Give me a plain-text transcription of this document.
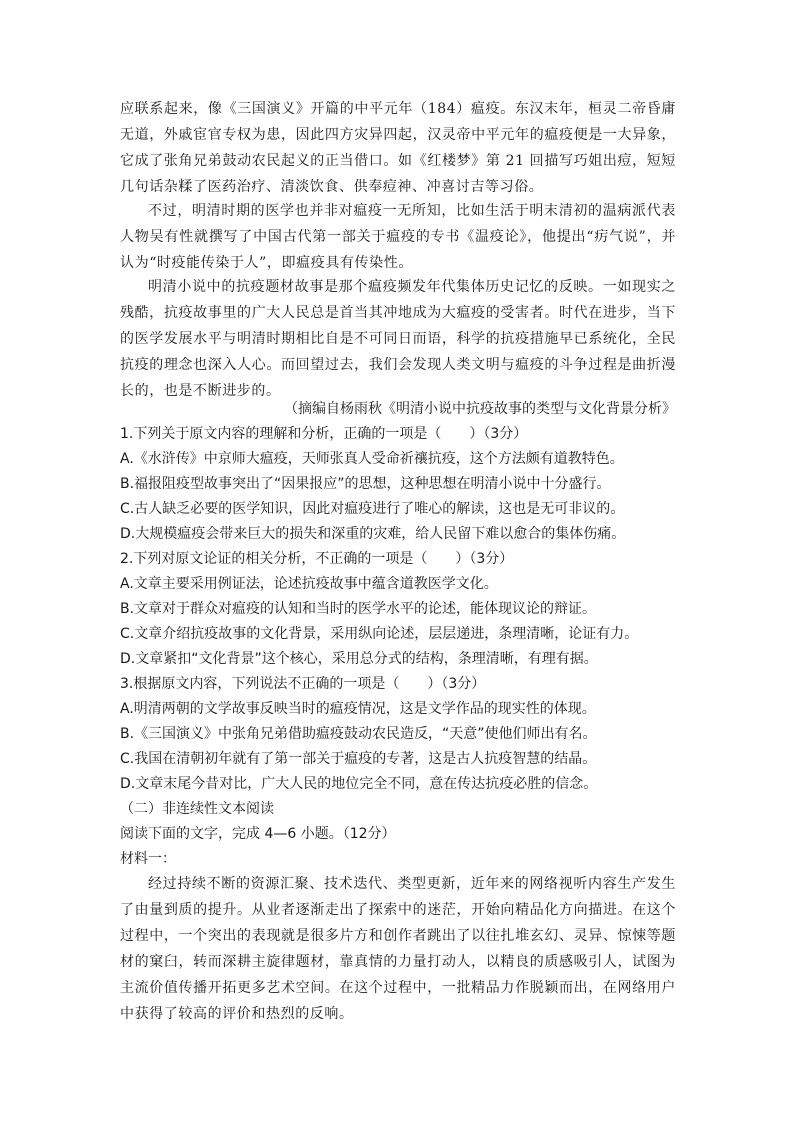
应联系起来，像《三国演义》开篇的中平元年（184）瘟疫。东汉末年，桓灵二帝昏庸无道，外戚宦官专权为患，因此四方灾异四起，汉灵帝中平元年的瘟疫便是一大异象，它成了张角兄弟鼓动农民起义的正当借口。如《红楼梦》第 21 回描写巧姐出痘，短短几句话杂糅了医药治疗、清淡饮食、供奉痘神、冲喜讨吉等习俗。

不过，明清时期的医学也并非对瘟疫一无所知，比如生活于明末清初的温病派代表人物吴有性就撰写了中国古代第一部关于瘟疫的专书《温疫论》，他提出“疠气说”，并认为“时疫能传染于人”，即瘟疫具有传染性。

明清小说中的抗疫题材故事是那个瘟疫频发年代集体历史记忆的反映。一如现实之残酷，抗疫故事里的广大人民总是首当其冲地成为大瘟疫的受害者。时代在进步，当下的医学发展水平与明清时期相比自是不可同日而语，科学的抗疫措施早已系统化，全民抗疫的理念也深入人心。而回望过去，我们会发现人类文明与瘟疫的斗争过程是曲折漫长的，也是不断进步的。

（摘编自杨雨秋《明清小说中抗疫故事的类型与文化背景分析》

1.下列关于原文内容的理解和分析，正确的一项是（　　）（3分）

A.《水浒传》中京师大瘟疫，天师张真人受命祈禳抗疫，这个方法颇有道教特色。

B.福报阻疫型故事突出了“因果报应”的思想，这种思想在明清小说中十分盛行。

C.古人缺乏必要的医学知识，因此对瘟疫进行了唯心的解读，这也是无可非议的。

D.大规模瘟疫会带来巨大的损失和深重的灾难，给人民留下难以愈合的集体伤痛。

2.下列对原文论证的相关分析，不正确的一项是（　　）（3分）

A.文章主要采用例证法，论述抗疫故事中蕴含道教医学文化。

B.文章对于群众对瘟疫的认知和当时的医学水平的论述，能体现议论的辩证。

C.文章介绍抗疫故事的文化背景，采用纵向论述，层层递进，条理清晰，论证有力。

D.文章紧扣“文化背景”这个核心，采用总分式的结构，条理清晰，有理有据。

3.根据原文内容，下列说法不正确的一项是（　　）（3分）

A.明清两朝的文学故事反映当时的瘟疫情况，这是文学作品的现实性的体现。

B.《三国演义》中张角兄弟借助瘟疫鼓动农民造反，“天意”使他们师出有名。

C.我国在清朝初年就有了第一部关于瘟疫的专著，这是古人抗疫智慧的结晶。

D.文章末尾今昔对比，广大人民的地位完全不同，意在传达抗疫必胜的信念。

（二）非连续性文本阅读

阅读下面的文字，完成 4—6 小题。（12分）

材料一：

经过持续不断的资源汇聚、技术迭代、类型更新，近年来的网络视听内容生产发生了由量到质的提升。从业者逐渐走出了探索中的迷茫，开始向精品化方向描进。在这个过程中，一个突出的表现就是很多片方和创作者跳出了以往扎堆玄幻、灵异、惊悚等题材的窠臼，转而深耕主旋律题材，靠真情的力量打动人，以精良的质感吸引人，试图为主流价值传播开拓更多艺术空间。在这个过程中，一批精品力作脱颖而出，在网络用户中获得了较高的评价和热烈的反响。
